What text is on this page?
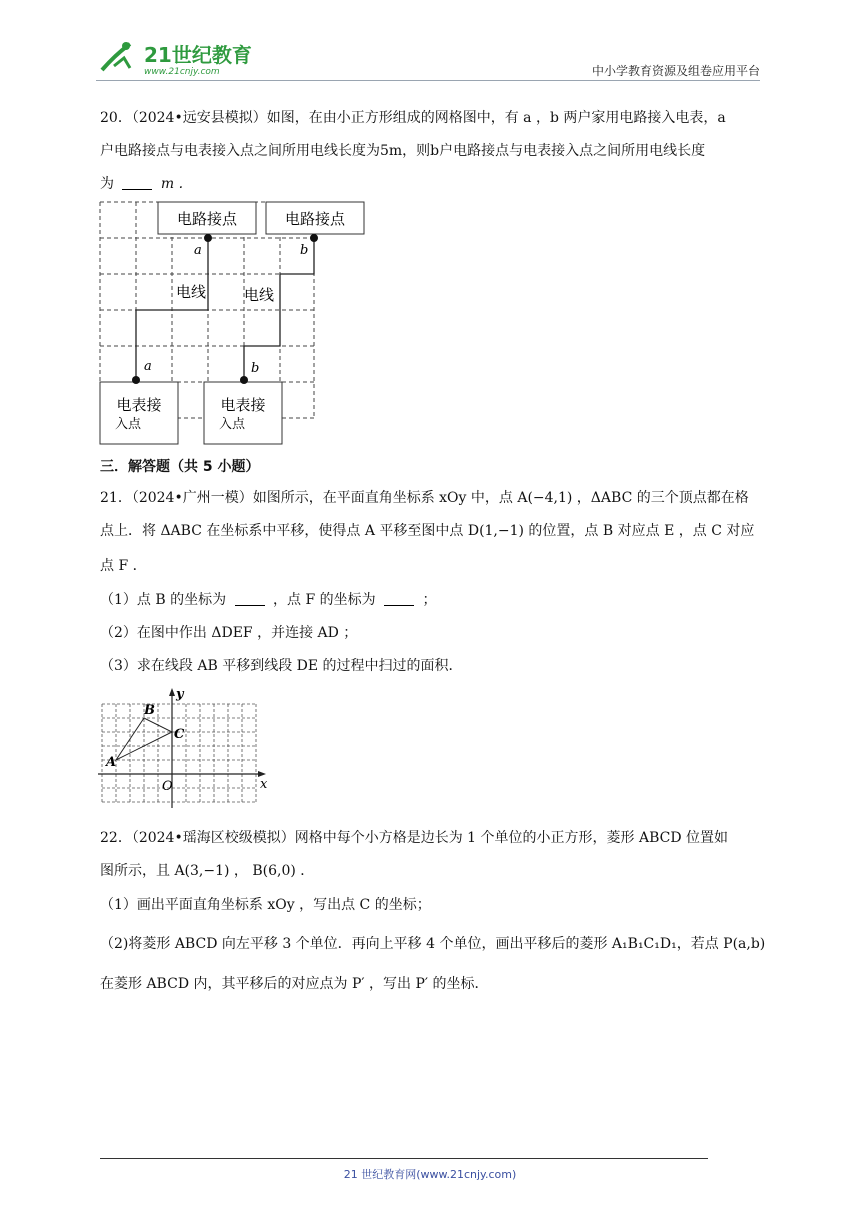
21世纪教育
www.21cnjy.com	中小学教育资源及组卷应用平台
20．（2024•远安县模拟）如图，在由小正方形组成的网格图中，有 a ，b 两户家用电路接入电表，a
户电路接点与电表接入点之间所用电线长度为5m，则b户电路接点与电表接入点之间所用电线长度
为	m .
电路接点	电路接点
电表接
入点
电表接
入点
a	b
电线	电线
a	b
三．解答题（共 5 小题）
21．（2024•广州一模）如图所示，在平面直角坐标系 xOy 中，点 A(−4,1) ，ΔABC 的三个顶点都在格
点上．将 ΔABC 在坐标系中平移，使得点 A 平移至图中点 D(1,−1) 的位置，点 B 对应点 E ，点 C 对应
点 F ．
（1）点 B 的坐标为	，点 F 的坐标为	；
（2）在图中作出 ΔDEF ，并连接 AD ；
（3）求在线段 AB 平移到线段 DE 的过程中扫过的面积．
y
x
O
A
B
C
22．（2024•瑶海区校级模拟）网格中每个小方格是边长为 1 个单位的小正方形，菱形 ABCD 位置如
图所示，且 A(3,−1) ， B(6,0) ．
（1）画出平面直角坐标系 xOy ，写出点 C 的坐标；
（2)将菱形 ABCD 向左平移 3 个单位．再向上平移 4 个单位，画出平移后的菱形 A₁B₁C₁D₁，若点 P(a,b)
在菱形 ABCD 内，其平移后的对应点为 P′ ，写出 P′ 的坐标．
21 世纪教育网(www.21cnjy.com)
